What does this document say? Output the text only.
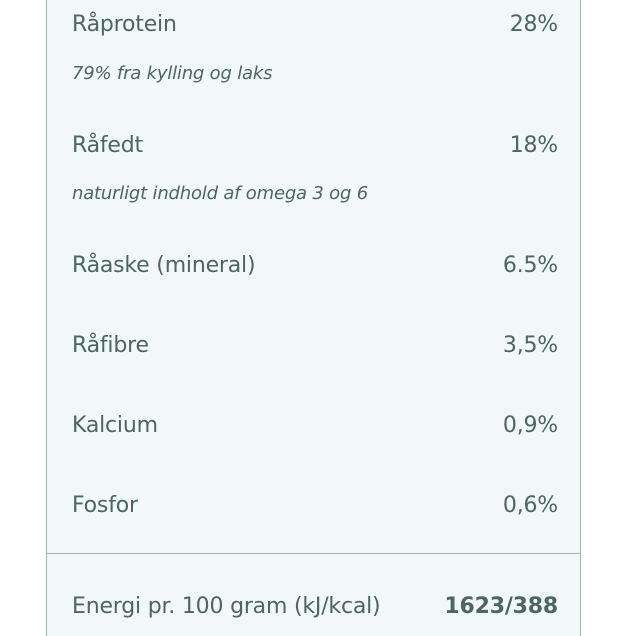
Råprotein	28%
79% fra kylling og laks
Råfedt	18%
naturligt indhold af omega 3 og 6
Råaske (mineral)	6.5%
Råfibre	3,5%
Kalcium	0,9%
Fosfor	0,6%
Energi pr. 100 gram (kJ/kcal)	1623/388
